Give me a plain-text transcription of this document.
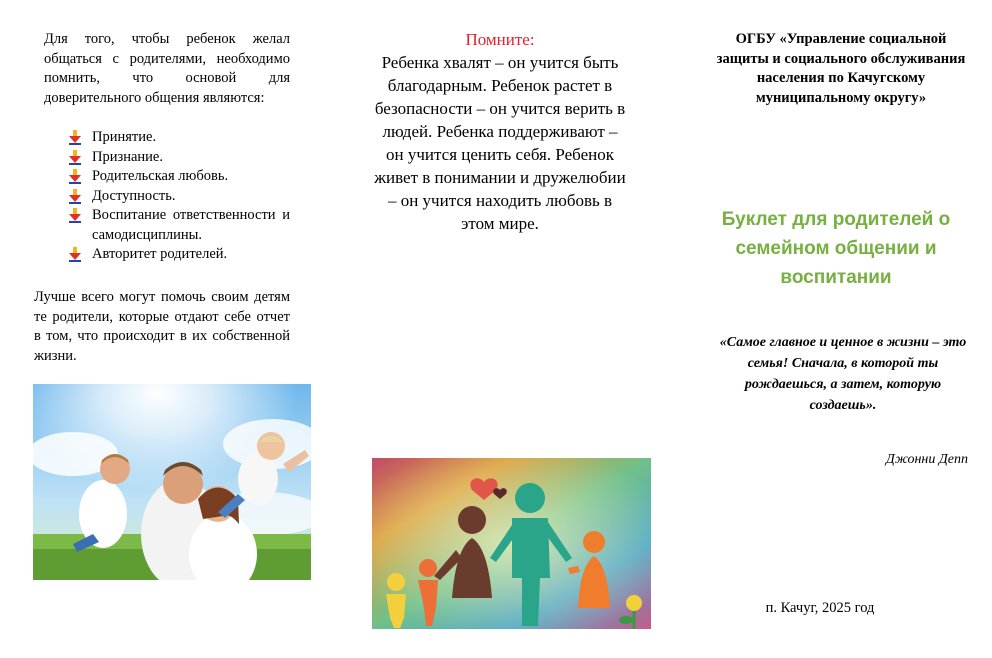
Для того, чтобы ребенок желал общаться с родителями, необходимо помнить, что основой для доверительного общения являются:
Принятие.
Признание.
Родительская любовь.
Доступность.
Воспитание ответственности и самодисциплины.
Авторитет родителей.
Лучше всего могут помочь своим детям те родители, которые отдают себе отчет в том, что происходит в их собственной жизни.
Помните:
Ребенка хвалят – он учится быть благодарным. Ребенок растет в безопасности – он учится верить в людей. Ребенка поддерживают – он учится ценить себя. Ребенок живет в понимании и дружелюбии – он учится находить любовь в этом мире.
ОГБУ «Управление социальной защиты и социального обслуживания населения по Качугскому муниципальному округу»
Буклет для родителей о семейном общении и воспитании
«Самое главное и ценное в жизни – это семья! Сначала, в которой ты рождаешься, а затем, которую создаешь».
Джонни Депп
п. Качуг, 2025 год
